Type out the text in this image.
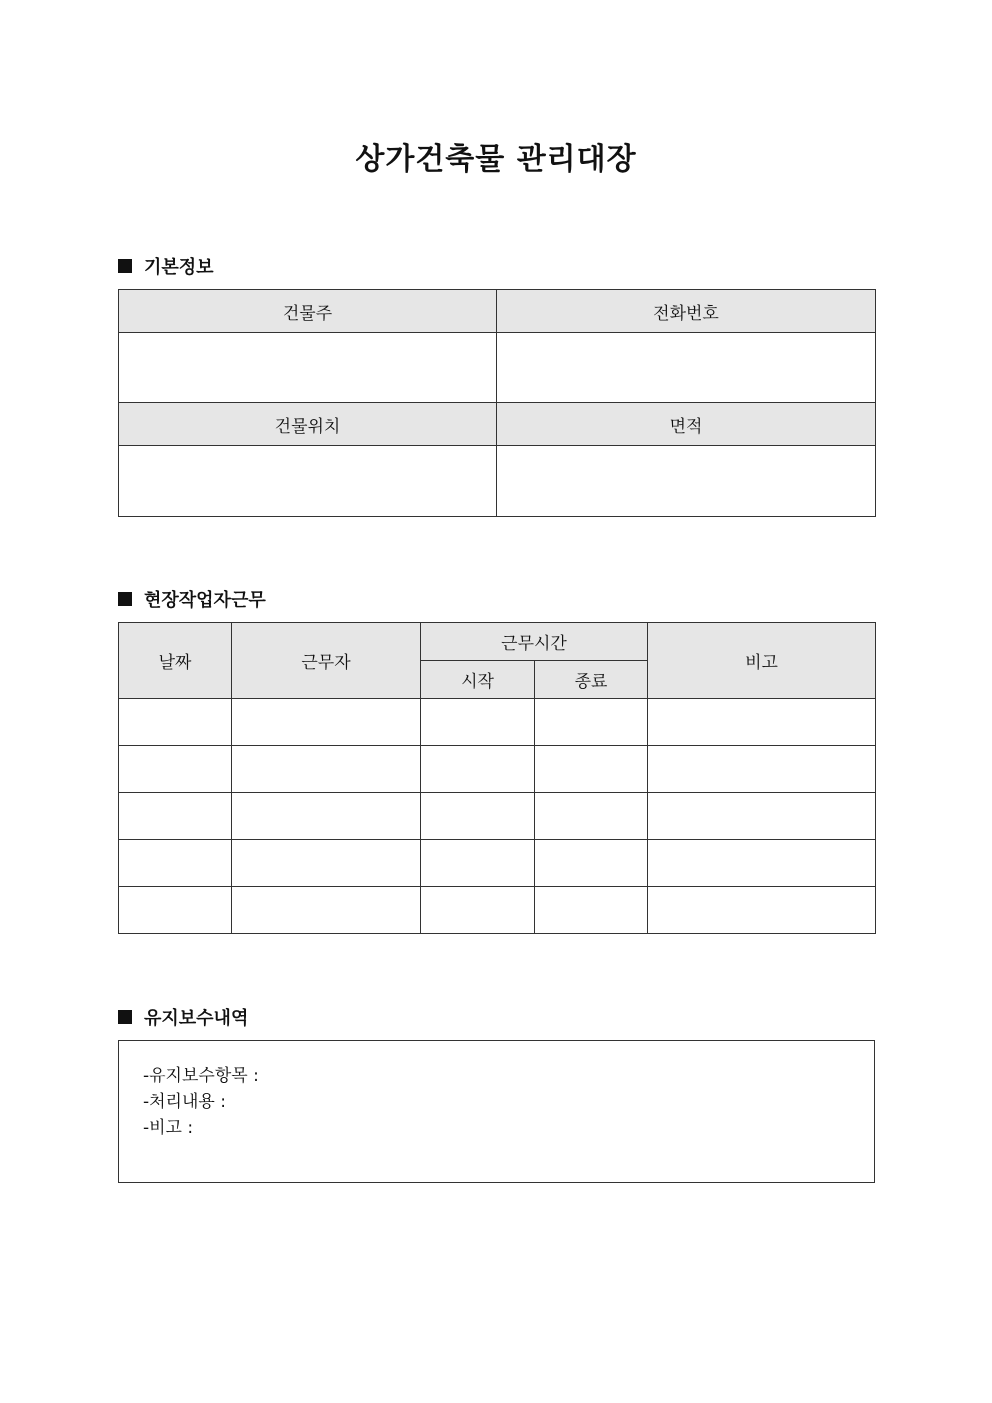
상가건축물 관리대장
기본정보
건물주	전화번호

건물위치	면적

현장작업자근무
날짜	근무자	근무시간		비고
		시작	종료	

유지보수내역
-유지보수항목 :
-처리내용 :
-비고 :
